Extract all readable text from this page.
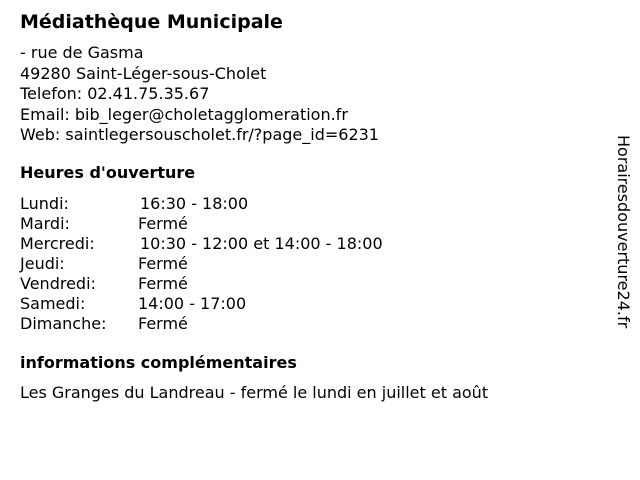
Médiathèque Municipale
- rue de Gasma
49280 Saint-Léger-sous-Cholet
Telefon: 02.41.75.35.67
Email: bib_leger@choletagglomeration.fr
Web: saintlegersouscholet.fr/?page_id=6231
Heures d'ouverture
Lundi:	16:30 - 18:00
Mardi:	Fermé
Mercredi:	10:30 - 12:00 et 14:00 - 18:00
Jeudi:	Fermé
Vendredi:	Fermé
Samedi:	14:00 - 17:00
Dimanche: Fermé
informations complémentaires
Les Granges du Landreau - fermé le lundi en juillet et août
Horairesdouverture24.fr
